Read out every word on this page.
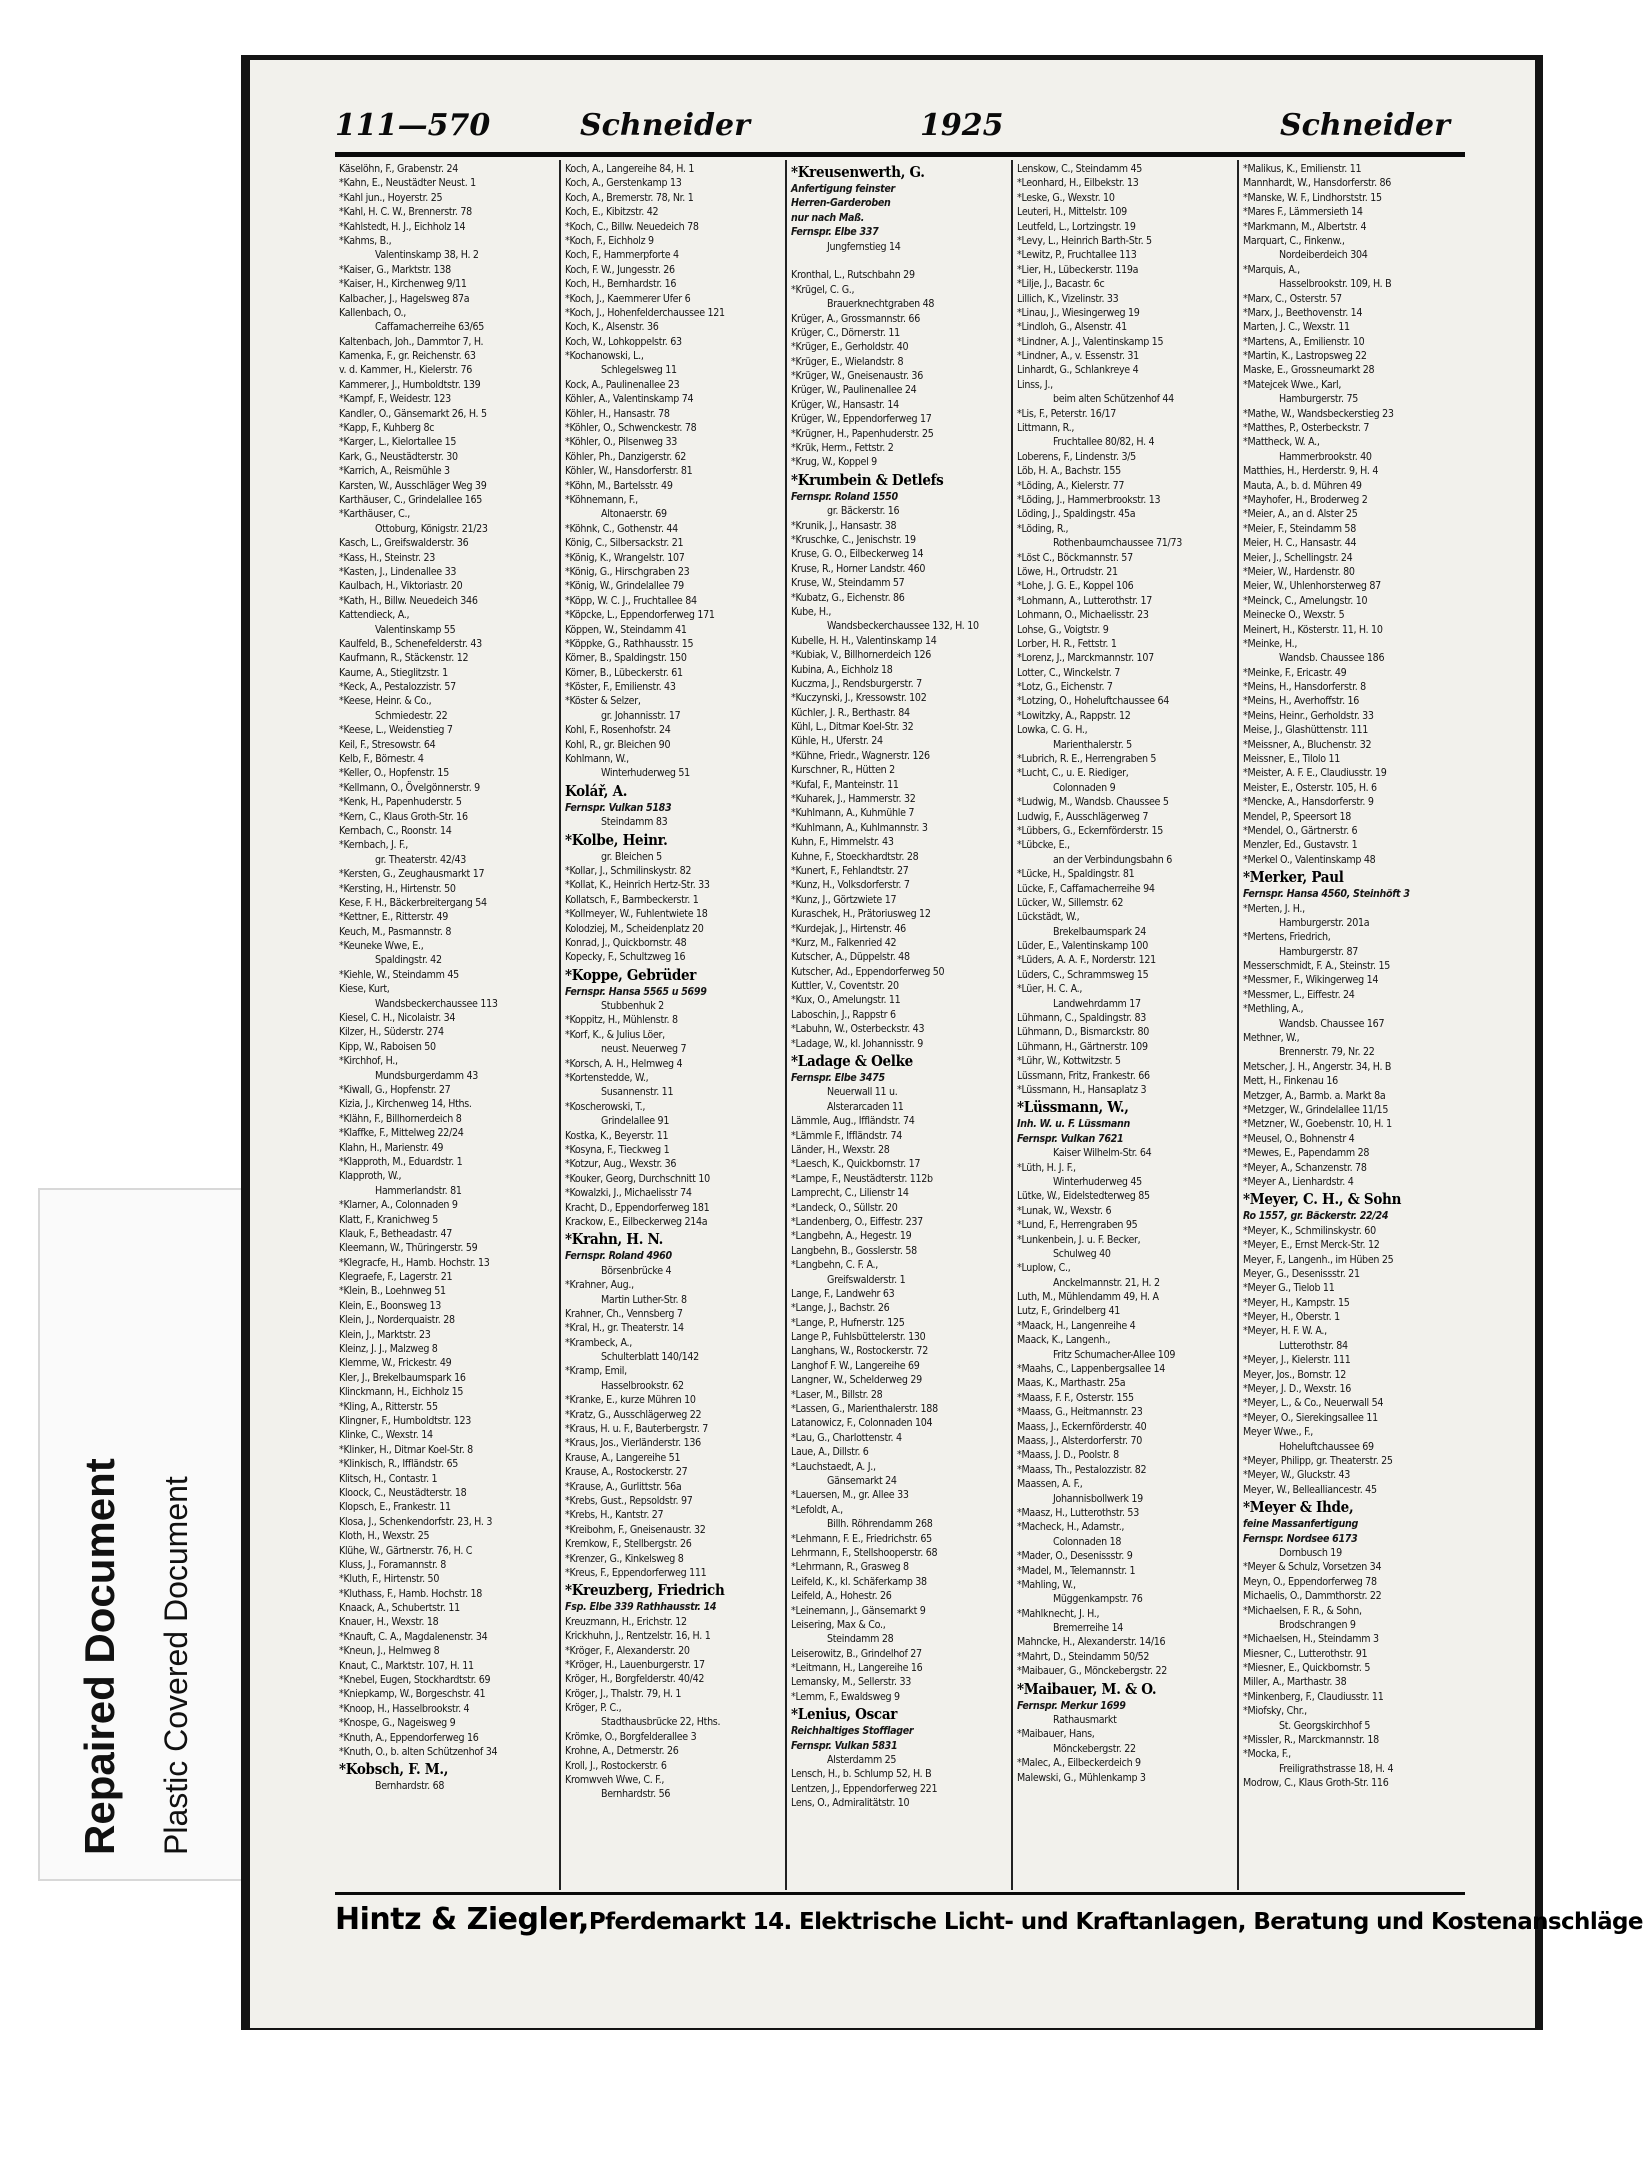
Repaired Document Plastic Covered Document
111—570	Schneider	1925	Schneider
Käselöhn, F., Grabenstr. 24
*Kahn, E., Neustädter Neust. 1
*Kahl jun., Hoyerstr. 25
*Kahl, H. C. W., Brennerstr. 78
*Kahlstedt, H. J., Eichholz 14
*Kahms, B.,
Valentinskamp 38, H. 2
*Kaiser, G., Marktstr. 138
*Kaiser, H., Kirchenweg 9/11
Kalbacher, J., Hagelsweg 87a
Kallenbach, O.,
Caffamacherreihe 63/65
Kaltenbach, Joh., Dammtor 7, H.
Kamenka, F., gr. Reichenstr. 63
v. d. Kammer, H., Kielerstr. 76
Kammerer, J., Humboldtstr. 139
*Kampf, F., Weidestr. 123
Kandler, O., Gänsemarkt 26, H. 5
*Kapp, F., Kuhberg 8c
*Karger, L., Kielortallee 15
Kark, G., Neustädterstr. 30
*Karrich, A., Reismühle 3
Karsten, W., Ausschläger Weg 39
Karthäuser, C., Grindelallee 165
*Karthäuser, C.,
Ottoburg, Königstr. 21/23
Kasch, L., Greifswalderstr. 36
*Kass, H., Steinstr. 23
*Kasten, J., Lindenallee 33
Kaulbach, H., Viktoriastr. 20
*Kath, H., Billw. Neuedeich 346
Kattendieck, A.,
Valentinskamp 55
Kaulfeld, B., Schenefelderstr. 43
Kaufmann, R., Stäckenstr. 12
Kaume, A., Stieglitzstr. 1
*Keck, A., Pestalozzistr. 57
*Keese, Heinr. & Co.,
Schmiedestr. 22
*Keese, L., Weidenstieg 7
Keil, F., Stresowstr. 64
Kelb, F., Börnestr. 4
*Keller, O., Hopfenstr. 15
*Kellmann, O., Övelgönnerstr. 9
*Kenk, H., Papenhuderstr. 5
*Kern, C., Klaus Groth-Str. 16
Kernbach, C., Roonstr. 14
*Kernbach, J. F.,
gr. Theaterstr. 42/43
*Kersten, G., Zeughausmarkt 17
*Kersting, H., Hirtenstr. 50
Kese, F. H., Bäckerbreitergang 54
*Kettner, E., Ritterstr. 49
Keuch, M., Pasmannstr. 8
*Keuneke Wwe, E.,
Spaldingstr. 42
*Kiehle, W., Steindamm 45
Kiese, Kurt,
Wandsbeckerchaussee 113
Kiesel, C. H., Nicolaistr. 34
Kilzer, H., Süderstr. 274
Kipp, W., Raboisen 50
*Kirchhof, H.,
Mundsburgerdamm 43
*Kiwall, G., Hopfenstr. 27
Kizia, J., Kirchenweg 14, Hths.
*Klähn, F., Billhornerdeich 8
*Klaffke, F., Mittelweg 22/24
Klahn, H., Marienstr. 49
*Klapproth, M., Eduardstr. 1
Klapproth, W.,
Hammerlandstr. 81
*Klarner, A., Colonnaden 9
Klatt, F., Kranichweg 5
Klauk, F., Betheadastr. 47
Kleemann, W., Thüringerstr. 59
*Klegracfe, H., Hamb. Hochstr. 13
Klegraefe, F., Lagerstr. 21
*Klein, B., Loehnweg 51
Klein, E., Boonsweg 13
Klein, J., Norderquaistr. 28
Klein, J., Marktstr. 23
Kleinz, J. J., Malzweg 8
Klemme, W., Frickestr. 49
Kler, J., Brekelbaumspark 16
Klinckmann, H., Eichholz 15
*Kling, A., Ritterstr. 55
Klingner, F., Humboldtstr. 123
Klinke, C., Wexstr. 14
*Klinker, H., Ditmar Koel-Str. 8
*Klinkisch, R., Iffländstr. 65
Klitsch, H., Contastr. 1
Kloock, C., Neustädterstr. 18
Klopsch, E., Frankestr. 11
Klosa, J., Schenkendorfstr. 23, H. 3
Kloth, H., Wexstr. 25
Klühe, W., Gärtnerstr. 76, H. C
Kluss, J., Foramannstr. 8
*Kluth, F., Hirtenstr. 50
*Kluthass, F., Hamb. Hochstr. 18
Knaack, A., Schubertstr. 11
Knauer, H., Wexstr. 18
*Knauft, C. A., Magdalenenstr. 34
*Kneun, J., Helmweg 8
Knaut, C., Marktstr. 107, H. 11
*Knebel, Eugen, Stockhardtstr. 69
*Kniepkamp, W., Borgeschstr. 41
*Knoop, H., Hasselbrookstr. 4
*Knospe, G., Nageisweg 9
*Knuth, A., Eppendorferweg 16
*Knuth, O., b. alten Schützenhof 34
*Kobsch, F. M.,
Bernhardstr. 68
Koch, A., Langereihe 84, H. 1
Koch, A., Gerstenkamp 13
Koch, A., Bremerstr. 78, Nr. 1
Koch, E., Kibitzstr. 42
*Koch, C., Billw. Neuedeich 78
*Koch, F., Eichholz 9
Koch, F., Hammerpforte 4
Koch, F. W., Jungesstr. 26
Koch, H., Bernhardstr. 16
*Koch, J., Kaemmerer Ufer 6
*Koch, J., Hohenfelderchaussee 121
Koch, K., Alsenstr. 36
Koch, W., Lohkoppelstr. 63
*Kochanowski, L.,
Schlegelsweg 11
Kock, A., Paulinenallee 23
Köhler, A., Valentinskamp 74
Köhler, H., Hansastr. 78
*Köhler, O., Schwenckestr. 78
*Köhler, O., Pilsenweg 33
Köhler, Ph., Danzigerstr. 62
Köhler, W., Hansdorferstr. 81
*Köhn, M., Bartelsstr. 49
*Köhnemann, F.,
Altonaerstr. 69
*Köhnk, C., Gothenstr. 44
König, C., Silbersackstr. 21
*König, K., Wrangelstr. 107
*König, G., Hirschgraben 23
*König, W., Grindelallee 79
*Köpp, W. C. J., Fruchtallee 84
*Köpcke, L., Eppendorferweg 171
Köppen, W., Steindamm 41
*Köppke, G., Rathhausstr. 15
Körner, B., Spaldingstr. 150
Körner, B., Lübeckerstr. 61
*Köster, F., Emilienstr. 43
*Köster & Selzer,
gr. Johannisstr. 17
Kohl, F., Rosenhofstr. 24
Kohl, R., gr. Bleichen 90
Kohlmann, W.,
Winterhuderweg 51
Kolář, A.
Fernspr. Vulkan 5183
Steindamm 83
*Kolbe, Heinr.
gr. Bleichen 5
*Kollar, J., Schmilinskystr. 82
*Kollat, K., Heinrich Hertz-Str. 33
Kollatsch, F., Barmbeckerstr. 1
*Kollmeyer, W., Fuhlentwiete 18
Kolodziej, M., Scheidenplatz 20
Konrad, J., Quickbornstr. 48
Kopecky, F., Schultzweg 16
*Koppe, Gebrüder
Fernspr. Hansa 5565 u 5699
Stubbenhuk 2
*Koppitz, H., Mühlenstr. 8
*Korf, K., & Julius Löer,
neust. Neuerweg 7
*Korsch, A. H., Helmweg 4
*Kortenstedde, W.,
Susannenstr. 11
*Koscherowski, T.,
Grindelallee 91
Kostka, K., Beyerstr. 11
*Kosyna, F., Tieckweg 1
*Kotzur, Aug., Wexstr. 36
*Kouker, Georg, Durchschnitt 10
*Kowalzki, J., Michaelisstr 74
Kracht, D., Eppendorferweg 181
Krackow, E., Eilbeckerweg 214a
*Krahn, H. N.
Fernspr. Roland 4960
Börsenbrücke 4
*Krahner, Aug.,
Martin Luther-Str. 8
Krahner, Ch., Vennsberg 7
*Kral, H., gr. Theaterstr. 14
*Krambeck, A.,
Schulterblatt 140/142
*Kramp, Emil,
Hasselbrookstr. 62
*Kranke, E., kurze Mühren 10
*Kratz, G., Ausschlägerweg 22
*Kraus, H. u. F., Bauterbergstr. 7
*Kraus, Jos., Vierländerstr. 136
Krause, A., Langereihe 51
Krause, A., Rostockerstr. 27
*Krause, A., Gurlittstr. 56a
*Krebs, Gust., Repsoldstr. 97
*Krebs, H., Kantstr. 27
*Kreibohm, F., Gneisenaustr. 32
Kremkow, F., Stellbergstr. 26
*Krenzer, G., Kinkelsweg 8
*Kreus, F., Eppendorferweg 111
*Kreuzberg, Friedrich
Fsp. Elbe 339 Rathhausstr. 14
Kreuzmann, H., Erichstr. 12
Krickhuhn, J., Rentzelstr. 16, H. 1
*Kröger, F., Alexanderstr. 20
*Kröger, H., Lauenburgerstr. 17
Kröger, H., Borgfelderstr. 40/42
Kröger, J., Thalstr. 79, H. 1
Kröger, P. C.,
Stadthausbrücke 22, Hths.
Krömke, O., Borgfelderallee 3
Krohne, A., Detmerstr. 26
Kroll, J., Rostockerstr. 6
Kromwveh Wwe, C. F.,
Bernhardstr. 56
*Kreusenwerth, G.
Anfertigung feinster
Herren-Garderoben
nur nach Maß.
Fernspr. Elbe 337
Jungfernstieg 14
Kronthal, L., Rutschbahn 29
*Krügel, C. G.,
Brauerknechtgraben 48
Krüger, A., Grossmannstr. 66
Krüger, C., Dörnerstr. 11
*Krüger, E., Gerholdstr. 40
*Krüger, E., Wielandstr. 8
*Krüger, W., Gneisenaustr. 36
Krüger, W., Paulinenallee 24
Krüger, W., Hansastr. 14
Krüger, W., Eppendorferweg 17
*Krügner, H., Papenhuderstr. 25
*Krük, Herm., Fettstr. 2
*Krug, W., Koppel 9
*Krumbein & Detlefs
Fernspr. Roland 1550
gr. Bäckerstr. 16
*Krunik, J., Hansastr. 38
*Kruschke, C., Jenischstr. 19
Kruse, G. O., Eilbeckerweg 14
Kruse, R., Horner Landstr. 460
Kruse, W., Steindamm 57
*Kubatz, G., Eichenstr. 86
Kube, H.,
Wandsbeckerchaussee 132, H. 10
Kubelle, H. H., Valentinskamp 14
*Kubiak, V., Billhornerdeich 126
Kubina, A., Eichholz 18
Kuczma, J., Rendsburgerstr. 7
*Kuczynski, J., Kressowstr. 102
Küchler, J. R., Berthastr. 84
Kühl, L., Ditmar Koel-Str. 32
Kühle, H., Uferstr. 24
*Kühne, Friedr., Wagnerstr. 126
Kurschner, R., Hütten 2
*Kufal, F., Manteinstr. 11
*Kuharek, J., Hammerstr. 32
*Kuhlmann, A., Kuhmühle 7
*Kuhlmann, A., Kuhlmannstr. 3
Kuhn, F., Himmelstr. 43
Kuhne, F., Stoeckhardtstr. 28
*Kunert, F., Fehlandtstr. 27
*Kunz, H., Volksdorferstr. 7
*Kunz, J., Görtzwiete 17
Kuraschek, H., Prätoriusweg 12
*Kurdejak, J., Hirtenstr. 46
*Kurz, M., Falkenried 42
Kutscher, A., Düppelstr. 48
Kutscher, Ad., Eppendorferweg 50
Kuttler, V., Coventstr. 20
*Kux, O., Amelungstr. 11
Laboschin, J., Rappstr 6
*Labuhn, W., Osterbeckstr. 43
*Ladage, W., kl. Johannisstr. 9
*Ladage & Oelke
Fernspr. Elbe 3475
Neuerwall 11 u.
Alsterarcaden 11
Lämmle, Aug., Iffländstr. 74
*Lämmle F., Iffländstr. 74
Länder, H., Wexstr. 28
*Laesch, K., Quickbornstr. 17
*Lampe, F., Neustädterstr. 112b
Lamprecht, C., Lilienstr 14
*Landeck, O., Süllstr. 20
*Landenberg, O., Eiffestr. 237
*Langbehn, A., Hegestr. 19
Langbehn, B., Gosslerstr. 58
*Langbehn, C. F. A.,
Greifswalderstr. 1
Lange, F., Landwehr 63
*Lange, J., Bachstr. 26
*Lange, P., Hufnerstr. 125
Lange P., Fuhlsbüttelerstr. 130
Langhans, W., Rostockerstr. 72
Langhof F. W., Langereihe 69
Langner, W., Schelderweg 29
*Laser, M., Billstr. 28
*Lassen, G., Marienthalerstr. 188
Latanowicz, F., Colonnaden 104
*Lau, G., Charlottenstr. 4
Laue, A., Dillstr. 6
*Lauchstaedt, A. J.,
Gänsemarkt 24
*Lauersen, M., gr. Allee 33
*Lefoldt, A.,
Billh. Röhrendamm 268
*Lehmann, F. E., Friedrichstr. 65
Lehrmann, F., Stellshooperstr. 68
*Lehrmann, R., Grasweg 8
Leifeld, K., kl. Schäferkamp 38
Leifeld, A., Hohestr. 26
*Leinemann, J., Gänsemarkt 9
Leisering, Max & Co.,
Steindamm 28
Leiserowitz, B., Grindelhof 27
*Leitmann, H., Langereihe 16
Lemansky, M., Sellerstr. 33
*Lemm, F., Ewaldsweg 9
*Lenius, Oscar
Reichhaltiges Stofflager
Fernspr. Vulkan 5831
Alsterdamm 25
Lensch, H., b. Schlump 52, H. B
Lentzen, J., Eppendorferweg 221
Lens, O., Admiralitätstr. 10
Lenskow, C., Steindamm 45
*Leonhard, H., Eilbekstr. 13
*Leske, G., Wexstr. 10
Leuteri, H., Mittelstr. 109
Leutfeld, L., Lortzingstr. 19
*Levy, L., Heinrich Barth-Str. 5
*Lewitz, P., Fruchtallee 113
*Lier, H., Lübeckerstr. 119a
*Lilje, J., Bacastr. 6c
Lillich, K., Vizelinstr. 33
*Linau, J., Wiesingerweg 19
*Lindloh, G., Alsenstr. 41
*Lindner, A. J., Valentinskamp 15
*Lindner, A., v. Essenstr. 31
Linhardt, G., Schlankreye 4
Linss, J.,
beim alten Schützenhof 44
*Lis, F., Peterstr. 16/17
Littmann, R.,
Fruchtallee 80/82, H. 4
Loberens, F., Lindenstr. 3/5
Löb, H. A., Bachstr. 155
*Löding, A., Kielerstr. 77
*Löding, J., Hammerbrookstr. 13
Löding, J., Spaldingstr. 45a
*Löding, R.,
Rothenbaumchaussee 71/73
*Löst C., Böckmannstr. 57
Löwe, H., Ortrudstr. 21
*Lohe, J. G. E., Koppel 106
*Lohmann, A., Lutterothstr. 17
Lohmann, O., Michaelisstr. 23
Lohse, G., Voigtstr. 9
Lorber, H. R., Fettstr. 1
*Lorenz, J., Marckmannstr. 107
Lotter, C., Winckelstr. 7
*Lotz, G., Eichenstr. 7
*Lotzing, O., Hoheluftchaussee 64
*Lowitzky, A., Rappstr. 12
Lowka, C. G. H.,
Marienthalerstr. 5
*Lubrich, R. E., Herrengraben 5
*Lucht, C., u. E. Riediger,
Colonnaden 9
*Ludwig, M., Wandsb. Chaussee 5
Ludwig, F., Ausschlägerweg 7
*Lübbers, G., Eckernförderstr. 15
*Lübcke, E.,
an der Verbindungsbahn 6
*Lücke, H., Spaldingstr. 81
Lücke, F., Caffamacherreihe 94
Lücker, W., Sillemstr. 62
Lückstädt, W.,
Brekelbaumspark 24
Lüder, E., Valentinskamp 100
*Lüders, A. A. F., Norderstr. 121
Lüders, C., Schrammsweg 15
*Lüer, H. C. A.,
Landwehrdamm 17
Lühmann, C., Spaldingstr. 83
Lühmann, D., Bismarckstr. 80
Lühmann, H., Gärtnerstr. 109
*Lühr, W., Kottwitzstr. 5
Lüssmann, Fritz, Frankestr. 66
*Lüssmann, H., Hansaplatz 3
*Lüssmann, W.,
Inh. W. u. F. Lüssmann
Fernspr. Vulkan 7621
Kaiser Wilhelm-Str. 64
*Lüth, H. J. F.,
Winterhuderweg 45
Lütke, W., Eidelstedterweg 85
*Lunak, W., Wexstr. 6
*Lund, F., Herrengraben 95
*Lunkenbein, J. u. F. Becker,
Schulweg 40
*Luplow, C.,
Anckelmannstr. 21, H. 2
Luth, M., Mühlendamm 49, H. A
Lutz, F., Grindelberg 41
*Maack, H., Langenreihe 4
Maack, K., Langenh.,
Fritz Schumacher-Allee 109
*Maahs, C., Lappenbergsallee 14
Maas, K., Marthastr. 25a
*Maass, F. F., Osterstr. 155
*Maass, G., Heitmannstr. 23
Maass, J., Eckernförderstr. 40
Maass, J., Alsterdorferstr. 70
*Maass, J. D., Poolstr. 8
*Maass, Th., Pestalozzistr. 82
Maassen, A. F.,
Johannisbollwerk 19
*Maasz, H., Lutterothstr. 53
*Macheck, H., Adamstr.,
Colonnaden 18
*Mader, O., Desenissstr. 9
*Madel, M., Telemannstr. 1
*Mahling, W.,
Müggenkampstr. 76
*Mahlknecht, J. H.,
Bremerreihe 14
Mahncke, H., Alexanderstr. 14/16
*Mahrt, D., Steindamm 50/52
*Maibauer, G., Mönckebergstr. 22
*Maibauer, M. & O.
Fernspr. Merkur 1699
Rathausmarkt
*Maibauer, Hans,
Mönckebergstr. 22
*Malec, A., Eilbeckerdeich 9
Malewski, G., Mühlenkamp 3
*Malikus, K., Emilienstr. 11
Mannhardt, W., Hansdorferstr. 86
*Manske, W. F., Lindhorststr. 15
*Mares F., Lämmersieth 14
*Markmann, M., Albertstr. 4
Marquart, C., Finkenw.,
Nordeiberdeich 304
*Marquis, A.,
Hasselbrookstr. 109, H. B
*Marx, C., Osterstr. 57
*Marx, J., Beethovenstr. 14
Marten, J. C., Wexstr. 11
*Martens, A., Emilienstr. 10
*Martin, K., Lastropsweg 22
Maske, E., Grossneumarkt 28
*Matejcek Wwe., Karl,
Hamburgerstr. 75
*Mathe, W., Wandsbeckerstieg 23
*Matthes, P., Osterbeckstr. 7
*Mattheck, W. A.,
Hammerbrookstr. 40
Matthies, H., Herderstr. 9, H. 4
Mauta, A., b. d. Mühren 49
*Mayhofer, H., Broderweg 2
*Meier, A., an d. Alster 25
*Meier, F., Steindamm 58
Meier, H. C., Hansastr. 44
Meier, J., Schellingstr. 24
*Meier, W., Hardenstr. 80
Meier, W., Uhlenhorsterweg 87
*Meinck, C., Amelungstr. 10
Meinecke O., Wexstr. 5
Meinert, H., Kösterstr. 11, H. 10
*Meinke, H.,
Wandsb. Chaussee 186
*Meinke, F., Ericastr. 49
*Meins, H., Hansdorferstr. 8
*Meins, H., Averhoffstr. 16
*Meins, Heinr., Gerholdstr. 33
Meise, J., Glashüttenstr. 111
*Meissner, A., Bluchenstr. 32
Meissner, E., Tilolo 11
*Meister, A. F. E., Claudiusstr. 19
Meister, E., Osterstr. 105, H. 6
*Mencke, A., Hansdorferstr. 9
Mendel, P., Speersort 18
*Mendel, O., Gärtnerstr. 6
Menzler, Ed., Gustavstr. 1
*Merkel O., Valentinskamp 48
*Merker, Paul
Fernspr. Hansa 4560, Steinhöft 3
*Merten, J. H.,
Hamburgerstr. 201a
*Mertens, Friedrich,
Hamburgerstr. 87
Messerschmidt, F. A., Steinstr. 15
*Messmer, F., Wikingerweg 14
*Messmer, L., Eiffestr. 24
*Methling, A.,
Wandsb. Chaussee 167
Methner, W.,
Brennerstr. 79, Nr. 22
Metscher, J. H., Angerstr. 34, H. B
Mett, H., Finkenau 16
Metzger, A., Barmb. a. Markt 8a
*Metzger, W., Grindelallee 11/15
*Metzner, W., Goebenstr. 10, H. 1
*Meusel, O., Bohnenstr 4
*Mewes, E., Papendamm 28
*Meyer, A., Schanzenstr. 78
*Meyer A., Lienhardstr. 4
*Meyer, C. H., & Sohn
Ro 1557, gr. Bäckerstr. 22/24
*Meyer, K., Schmilinskystr. 60
*Meyer, E., Ernst Merck-Str. 12
Meyer, F., Langenh., im Hüben 25
Meyer, G., Desenissstr. 21
*Meyer G., Tielob 11
*Meyer, H., Kampstr. 15
*Meyer, H., Oberstr. 1
*Meyer, H. F. W. A.,
Lutterothstr. 84
*Meyer, J., Kielerstr. 111
Meyer, Jos., Bornstr. 12
*Meyer, J. D., Wexstr. 16
*Meyer, L., & Co., Neuerwall 54
*Meyer, O., Sierekingsallee 11
Meyer Wwe., F.,
Hoheluftchaussee 69
*Meyer, Philipp, gr. Theaterstr. 25
*Meyer, W., Gluckstr. 43
Meyer, W., Bellealliancestr. 45
*Meyer & Ihde,
feine Massanfertigung
Fernspr. Nordsee 6173
Dornbusch 19
*Meyer & Schulz, Vorsetzen 34
Meyn, O., Eppendorferweg 78
Michaelis, O., Dammthorstr. 22
*Michaelsen, F. R., & Sohn,
Brodschrangen 9
*Michaelsen, H., Steindamm 3
Miesner, C., Lutterothstr. 91
*Miesner, E., Quickbornstr. 5
Miller, A., Marthastr. 38
*Minkenberg, F., Claudiusstr. 11
*Miofsky, Chr.,
St. Georgskirchhof 5
*Missler, R., Marckmannstr. 18
*Mocka, F.,
Freiligrathstrasse 18, H. 4
Modrow, C., Klaus Groth-Str. 116
Hintz & Ziegler,Pferdemarkt 14. Elektrische Licht- und Kraftanlagen, Beratung und Kostenanschläge
